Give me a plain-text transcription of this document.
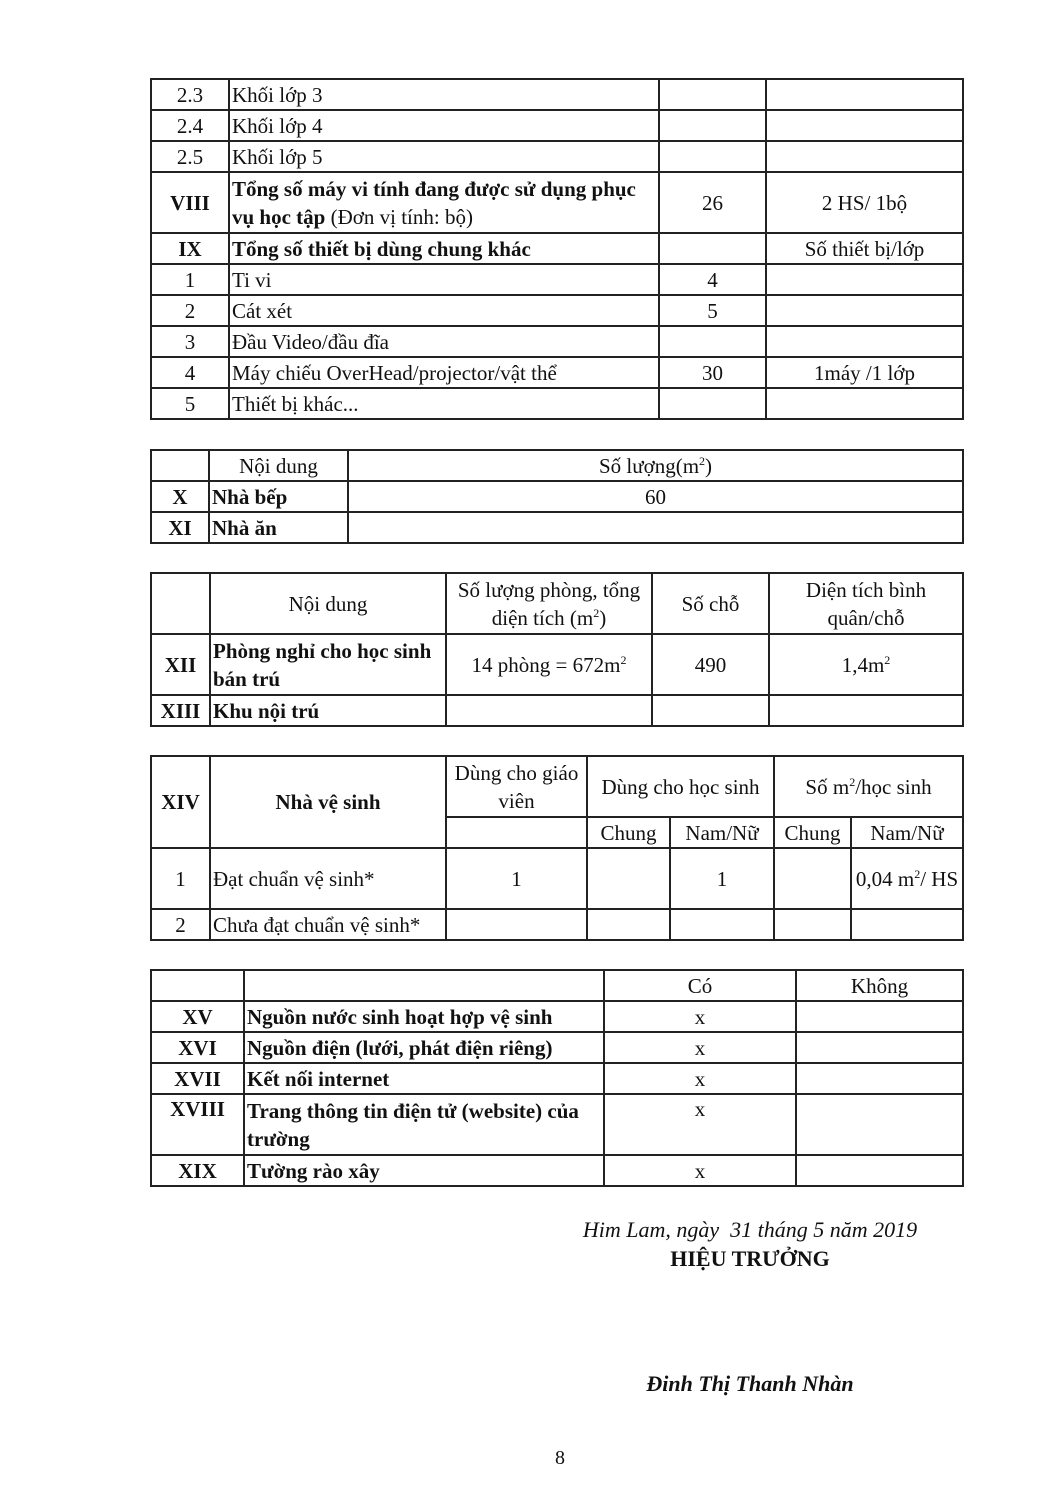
2.3	Khối lớp 3		
2.4	Khối lớp 4		
2.5	Khối lớp 5		
VIII	Tổng số máy vi tính đang được sử dụng phục vụ học tập (Đơn vị tính: bộ)	26	2 HS/ 1bộ
IX	Tổng số thiết bị dùng chung khác		Số thiết bị/lớp
1	Ti vi	4	
2	Cát xét	5	
3	Đầu Video/đầu đĩa		
4	Máy chiếu OverHead/projector/vật thể	30	1máy /1 lớp
5	Thiết bị khác...		
	Nội dung	Số $lượng(m^2)$
X	Nhà bếp	60
XI	Nhà ăn	
	Nội dung	Số lượng phòng, tổng diện tích $(m^2)$	Số chỗ	Diện tích bình quân/chỗ
XII	Phòng nghỉ cho học sinh bán trú	14 phòng = $672m^2$	490	$1,4m^2$
XIII	Khu nội trú			
XIV	Nhà vệ sinh	Dùng cho giáo viên	Dùng cho học sinh		Số $m^2$/học sinh	
			Chung	Nam/Nữ	Chung	Nam/Nữ
1	Đạt chuẩn vệ sinh*	1		1		0,04 $m^2/$ HS
2	Chưa đạt chuẩn vệ sinh*					
		Có	Không
XV	Nguồn nước sinh hoạt hợp vệ sinh	x	
XVI	Nguồn điện (lưới, phát điện riêng)	x	
XVII	Kết nối internet	x	
XVIII	Trang thông tin điện tử (website) của trường	x	
XIX	Tường rào xây	x	
Him Lam, ngày  31 tháng 5 năm 2019
HIỆU TRƯỞNG
Đinh Thị Thanh Nhàn
8
